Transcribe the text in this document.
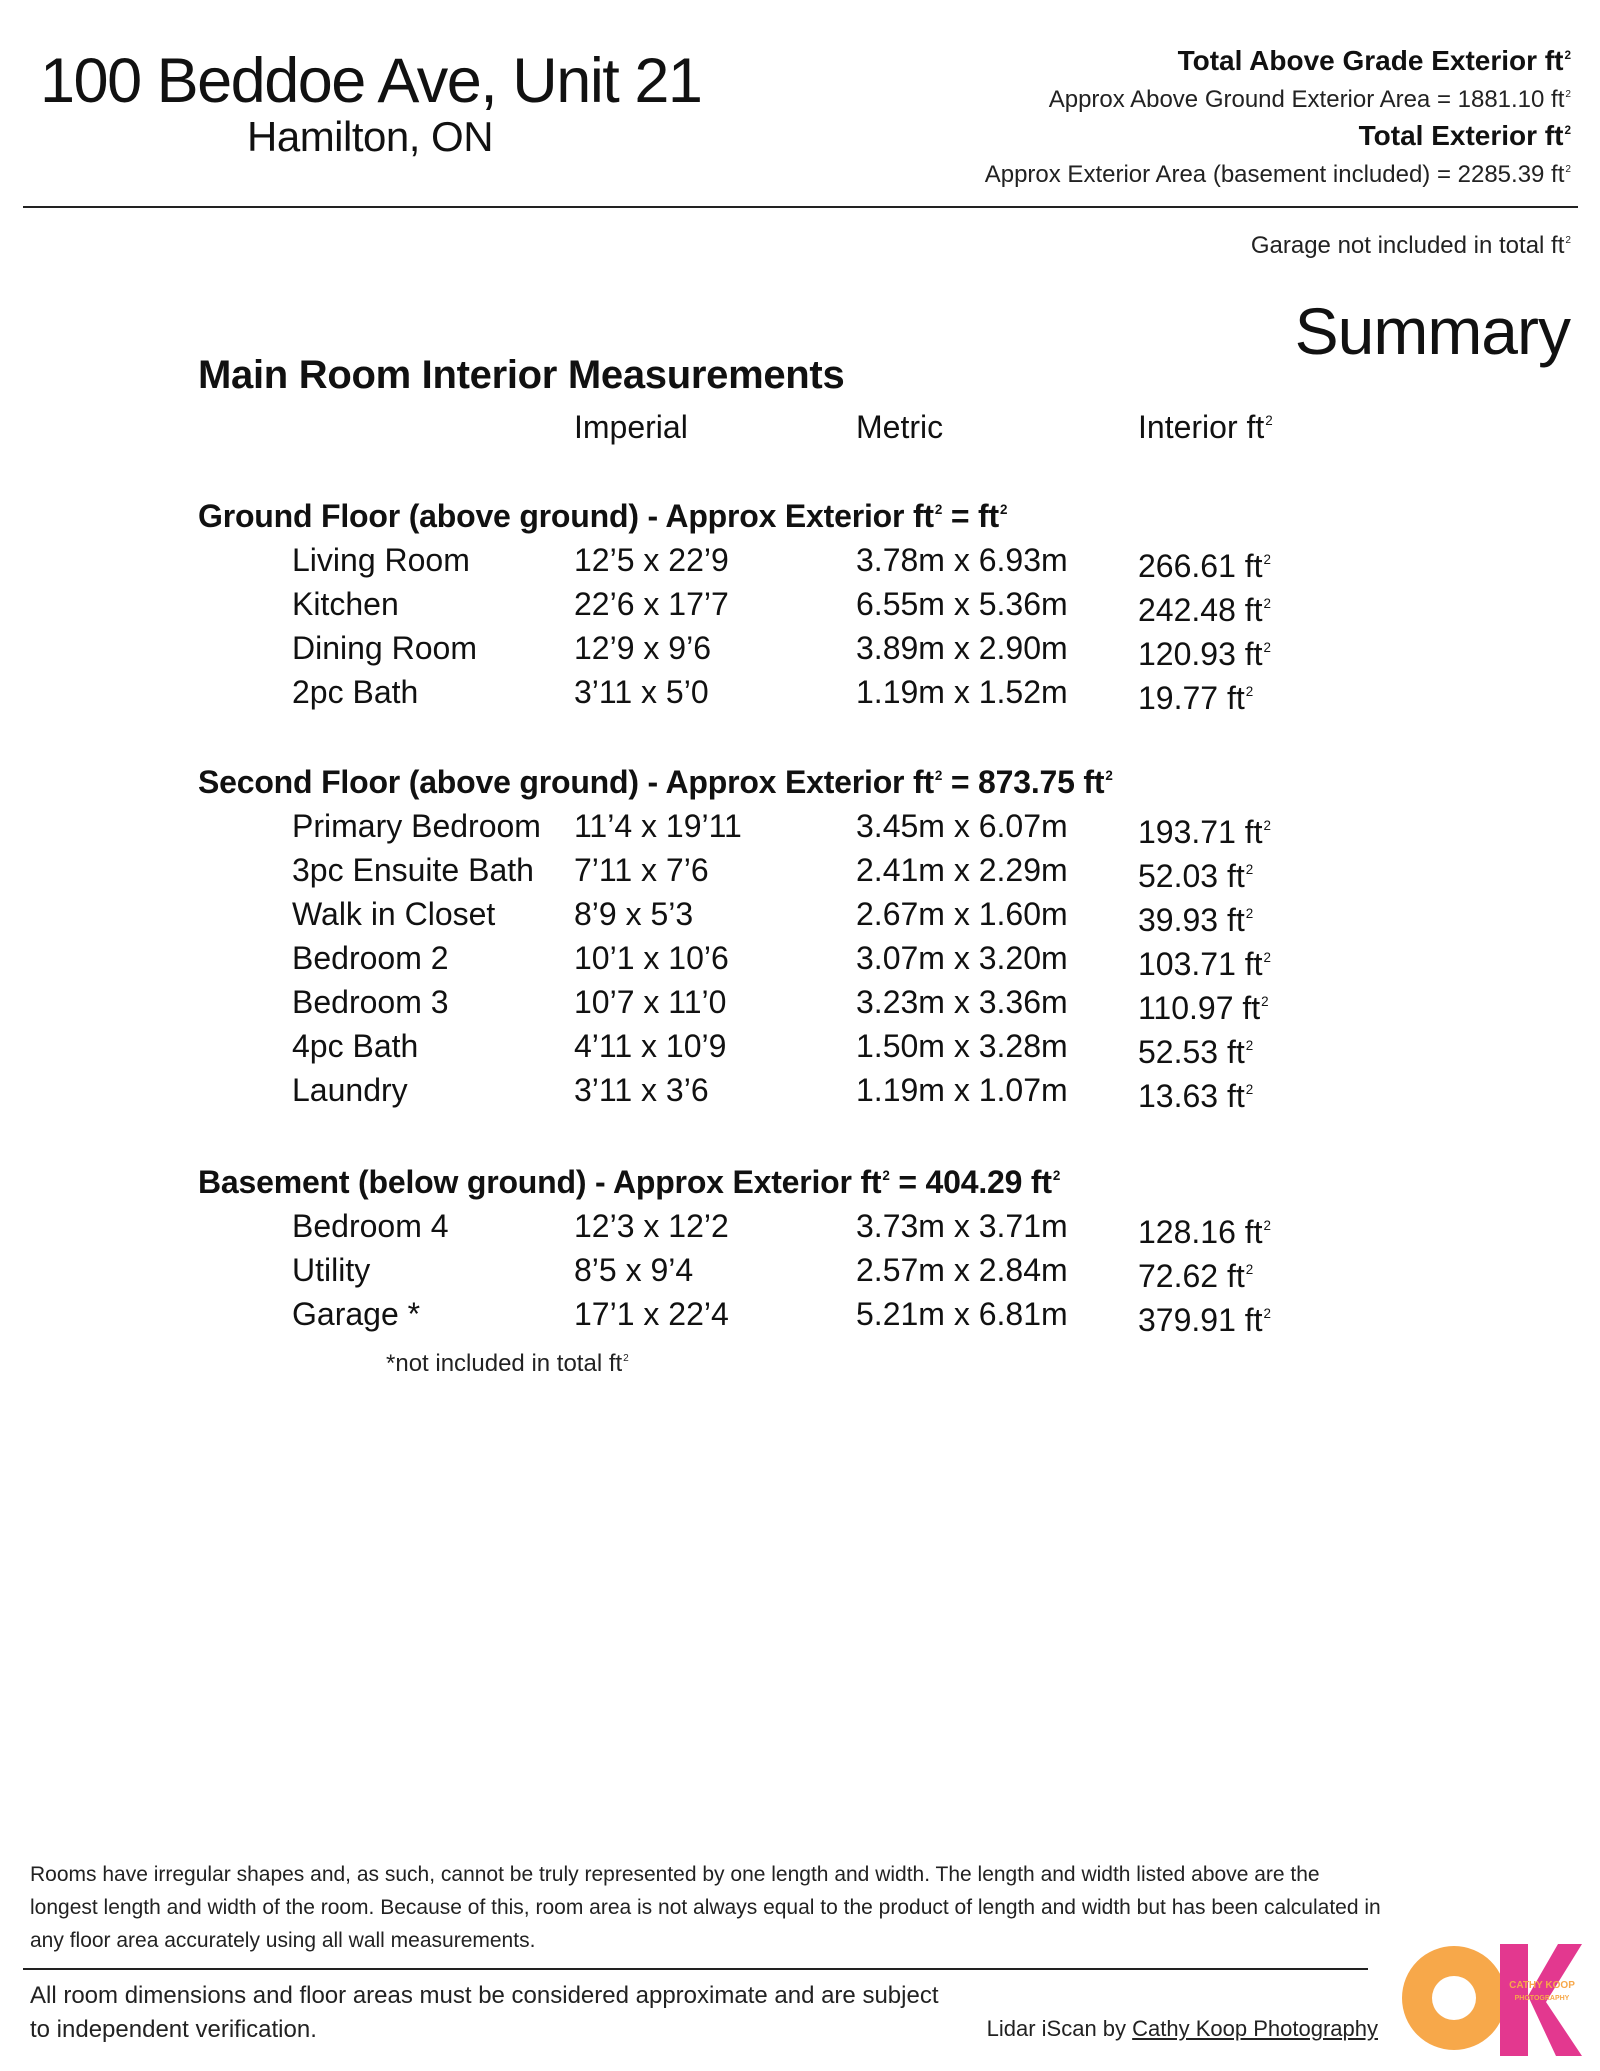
100 Beddoe Ave, Unit 21
Hamilton, ON
Total Above Grade Exterior $ft^2$
Approx Above Ground Exterior Area = 1881.10 $ft^2$
Total Exterior $ft^2$
Approx Exterior Area (basement included) = 2285.39 $ft^2$
Garage not included in total $ft^2$
Summary
Main Room Interior Measurements
Imperial	Metric	Interior $ft^2$
Ground Floor (above ground) - Approx Exterior $ft^2 = ft^2$
Living Room	12’5 x 22’9	3.78m x 6.93m 266.61 $ft^2$
Kitchen	22’6 x 17’7	6.55m x 5.36m 242.48 $ft^2$
Dining Room	12’9 x 9’6	3.89m x 2.90m 120.93 $ft^2$
2pc Bath	3’11 x 5’0	1.19m x 1.52m 19.77 $ft^2$
Second Floor (above ground) - Approx Exterior $ft^2 = 873.75$ $ft^2$
Primary Bedroom 11’4 x 19’11	3.45m x 6.07m 193.71 $ft^2$
3pc Ensuite Bath 7’11 x 7’6	2.41m x 2.29m 52.03 $ft^2$
Walk in Closet 8’9 x 5’3	2.67m x 1.60m 39.93 $ft^2$
Bedroom 2	10’1 x 10’6	3.07m x 3.20m 103.71 $ft^2$
Bedroom 3	10’7 x 11’0	3.23m x 3.36m 110.97 $ft^2$
4pc Bath	4’11 x 10’9	1.50m x 3.28m 52.53 $ft^2$
Laundry	3’11 x 3’6	1.19m x 1.07m 13.63 $ft^2$
Basement (below ground) - Approx Exterior $ft^2 = 404.29$ $ft^2$
Bedroom 4	12’3 x 12’2	3.73m x 3.71m 128.16 $ft^2$
Utility	8’5 x 9’4	2.57m x 2.84m 72.62 $ft^2$
Garage *	17’1 x 22’4	5.21m x 6.81m 379.91 $ft^2$
*not included in total $ft^2$
Rooms have irregular shapes and, as such, cannot be truly represented by one length and width. The length and width listed above are the longest length and width of the room. Because of this, room area is not always equal to the product of length and width but has been calculated in any floor area accurately using all wall measurements.
All room dimensions and floor areas must be considered approximate and are subject to independent verification.	Lidar iScan by Cathy Koop Photography
CATHY KOOP
PHOTOGRAPHY
